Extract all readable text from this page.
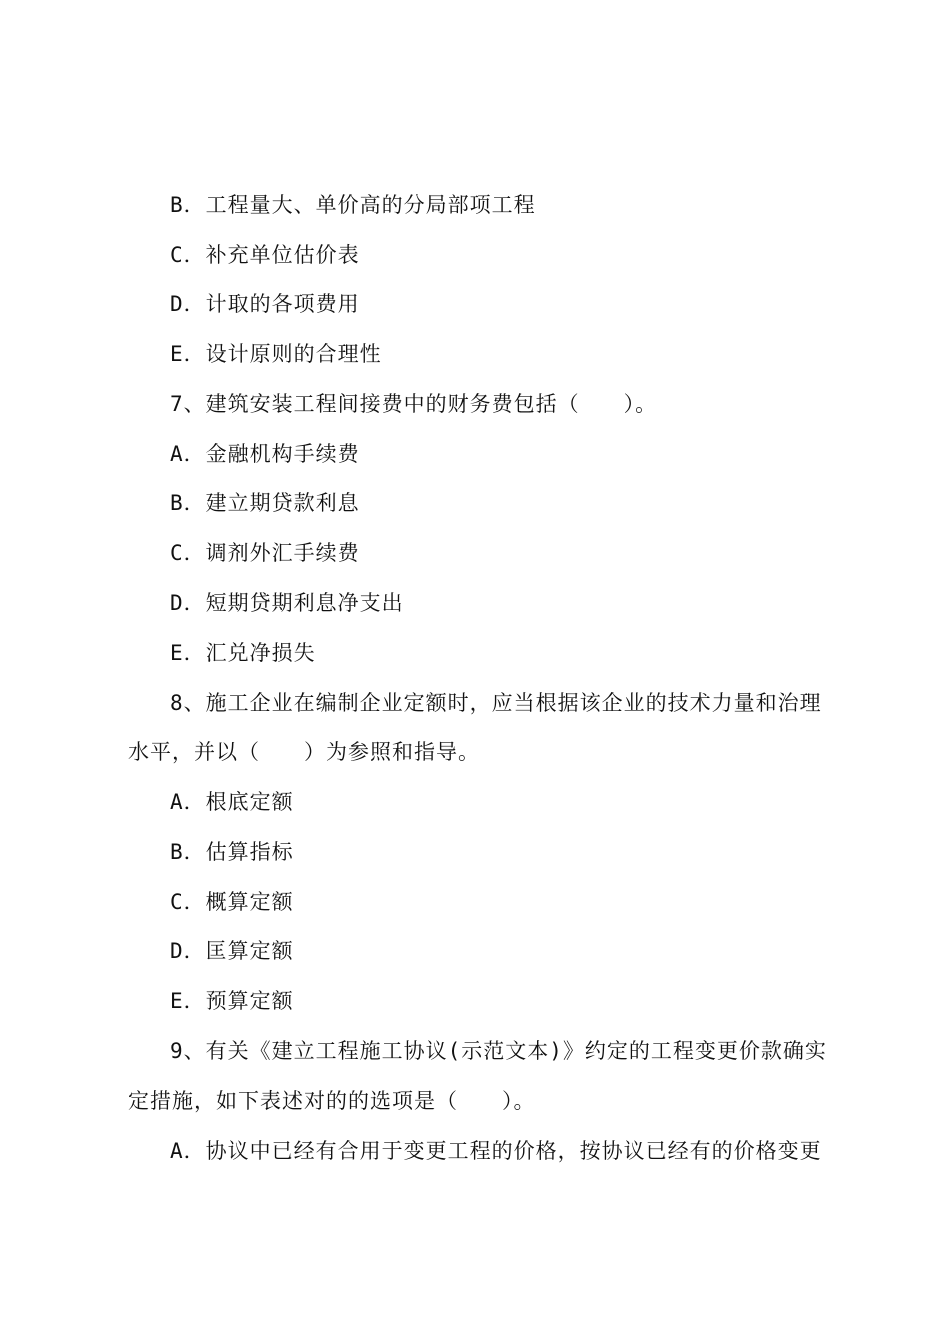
B．工程量大、单价高的分局部项工程
C．补充单位估价表
D．计取的各项费用
E．设计原则的合理性
7、建筑安装工程间接费中的财务费包括（　　）。
A．金融机构手续费
B．建立期贷款利息
C．调剂外汇手续费
D．短期贷期利息净支出
E．汇兑净损失
8、施工企业在编制企业定额时，应当根据该企业的技术力量和治理
水平，并以（　　）为参照和指导。
A．根底定额
B．估算指标
C．概算定额
D．匡算定额
E．预算定额
9、有关《建立工程施工协议(示范文本)》约定的工程变更价款确实
定措施，如下表述对的的选项是（　　）。
A．协议中已经有合用于变更工程的价格，按协议已经有的价格变更
